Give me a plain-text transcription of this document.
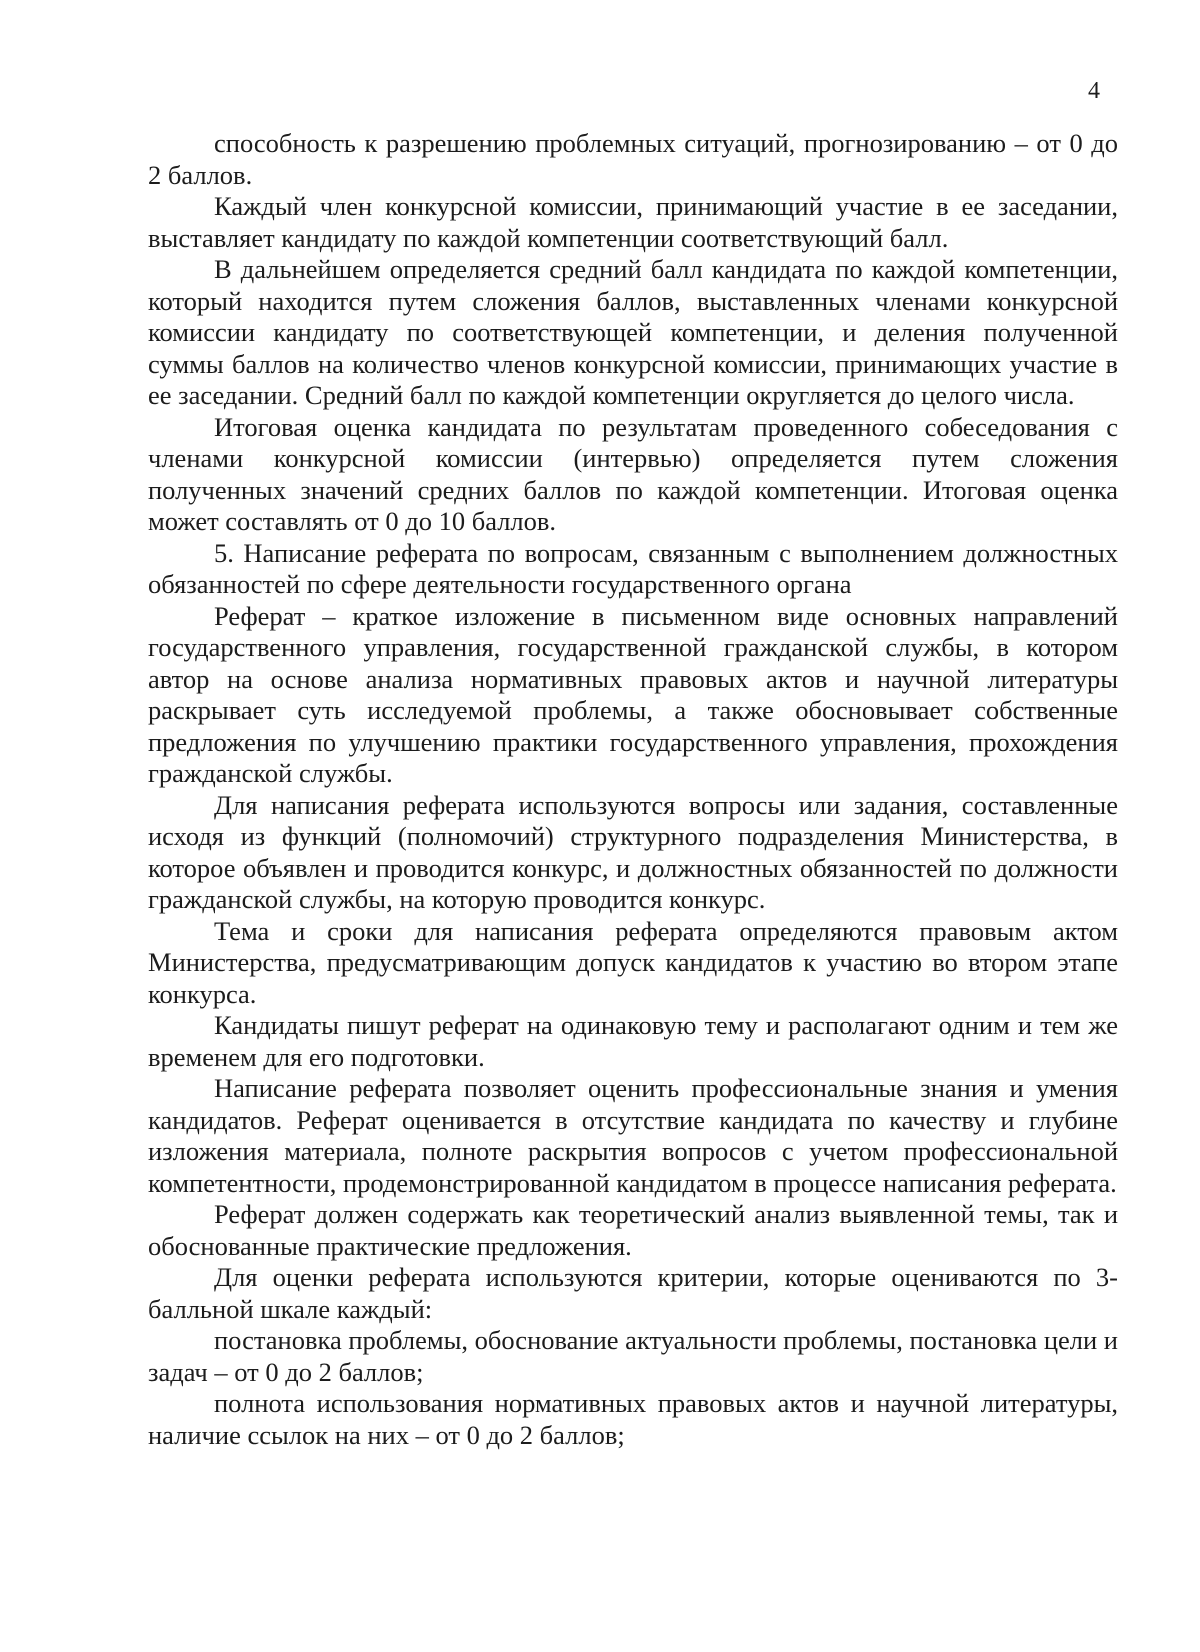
4

способность к разрешению проблемных ситуаций, прогнозированию – от 0 до 2 баллов.

Каждый член конкурсной комиссии, принимающий участие в ее заседании, выставляет кандидату по каждой компетенции соответствующий балл.

В дальнейшем определяется средний балл кандидата по каждой компетенции, который находится путем сложения баллов, выставленных членами конкурсной комиссии кандидату по соответствующей компетенции, и деления полученной суммы баллов на количество членов конкурсной комиссии, принимающих участие в ее заседании. Средний балл по каждой компетенции округляется до целого числа.

Итоговая оценка кандидата по результатам проведенного собеседования с членами конкурсной комиссии (интервью) определяется путем сложения полученных значений средних баллов по каждой компетенции. Итоговая оценка может составлять от 0 до 10 баллов.

5. Написание реферата по вопросам, связанным с выполнением должностных обязанностей по сфере деятельности государственного органа

Реферат – краткое изложение в письменном виде основных направлений государственного управления, государственной гражданской службы, в котором автор на основе анализа нормативных правовых актов и научной литературы раскрывает суть исследуемой проблемы, а также обосновывает собственные предложения по улучшению практики государственного управления, прохождения гражданской службы.

Для написания реферата используются вопросы или задания, составленные исходя из функций (полномочий) структурного подразделения Министерства, в которое объявлен и проводится конкурс, и должностных обязанностей по должности гражданской службы, на которую проводится конкурс.

Тема и сроки для написания реферата определяются правовым актом Министерства, предусматривающим допуск кандидатов к участию во втором этапе конкурса.

Кандидаты пишут реферат на одинаковую тему и располагают одним и тем же временем для его подготовки.

Написание реферата позволяет оценить профессиональные знания и умения кандидатов. Реферат оценивается в отсутствие кандидата по качеству и глубине изложения материала, полноте раскрытия вопросов с учетом профессиональной компетентности, продемонстрированной кандидатом в процессе написания реферата.

Реферат должен содержать как теоретический анализ выявленной темы, так и обоснованные практические предложения.

Для оценки реферата используются критерии, которые оцениваются по 3-балльной шкале каждый:

постановка проблемы, обоснование актуальности проблемы, постановка цели и задач – от 0 до 2 баллов;

полнота использования нормативных правовых актов и научной литературы, наличие ссылок на них – от 0 до 2 баллов;
